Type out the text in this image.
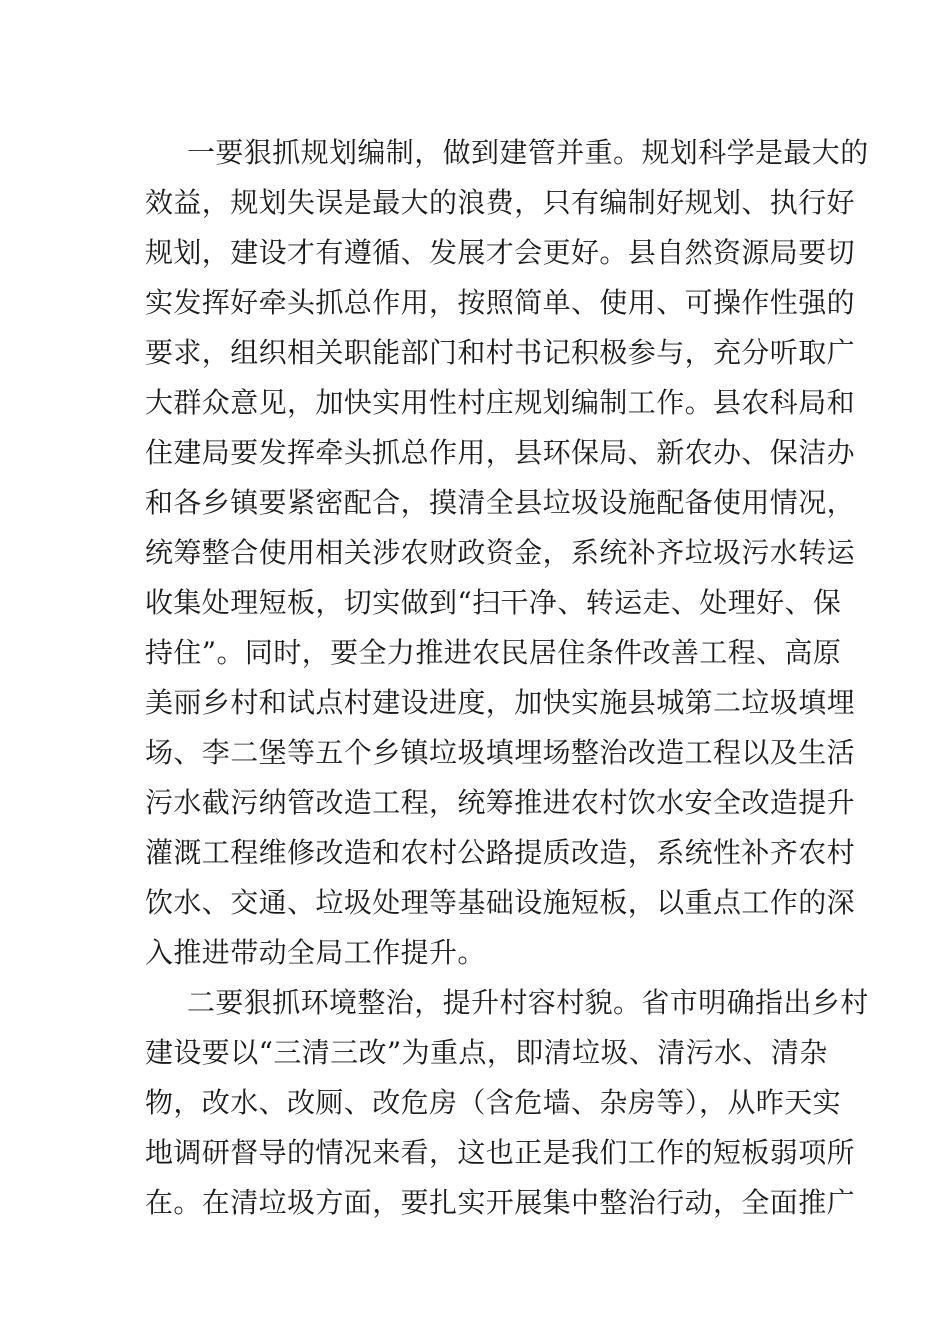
一要狠抓规划编制，做到建管并重。规划科学是最大的
效益，规划失误是最大的浪费，只有编制好规划、执行好
规划，建设才有遵循、发展才会更好。县自然资源局要切
实发挥好牵头抓总作用，按照简单、使用、可操作性强的
要求，组织相关职能部门和村书记积极参与，充分听取广
大群众意见，加快实用性村庄规划编制工作。县农科局和
住建局要发挥牵头抓总作用，县环保局、新农办、保洁办
和各乡镇要紧密配合，摸清全县垃圾设施配备使用情况，
统筹整合使用相关涉农财政资金，系统补齐垃圾污水转运
收集处理短板，切实做到“扫干净、转运走、处理好、保
持住”。同时，要全力推进农民居住条件改善工程、高原
美丽乡村和试点村建设进度，加快实施县城第二垃圾填埋
场、李二堡等五个乡镇垃圾填埋场整治改造工程以及生活
污水截污纳管改造工程，统筹推进农村饮水安全改造提升
灌溉工程维修改造和农村公路提质改造，系统性补齐农村
饮水、交通、垃圾处理等基础设施短板，以重点工作的深
入推进带动全局工作提升。
二要狠抓环境整治，提升村容村貌。省市明确指出乡村
建设要以“三清三改”为重点，即清垃圾、清污水、清杂
物，改水、改厕、改危房（含危墙、杂房等），从昨天实
地调研督导的情况来看，这也正是我们工作的短板弱项所
在。在清垃圾方面，要扎实开展集中整治行动，全面推广
